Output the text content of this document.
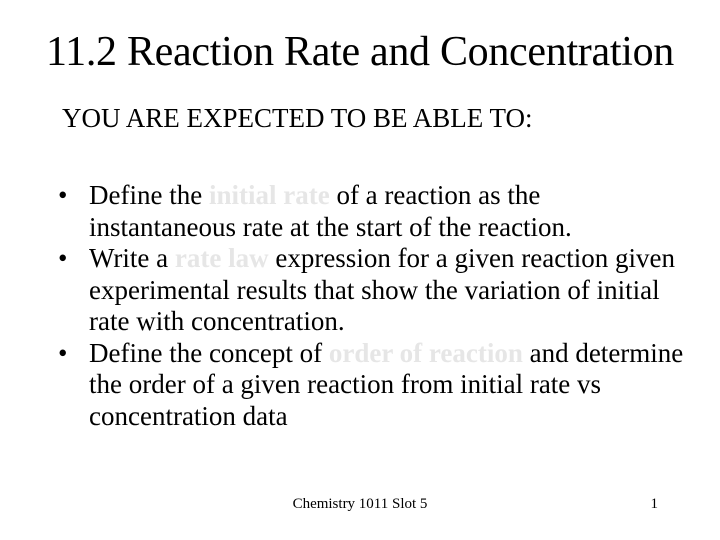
11.2 Reaction Rate and Concentration
YOU ARE EXPECTED TO BE ABLE TO:
• Define the initial rate of a reaction as the instantaneous rate at the start of the reaction.
• Write a rate law expression for a given reaction given experimental results that show the variation of initial rate with concentration.
• Define the concept of order of reaction and determine the order of a given reaction from initial rate vs concentration data
Chemistry 1011 Slot 5	1
